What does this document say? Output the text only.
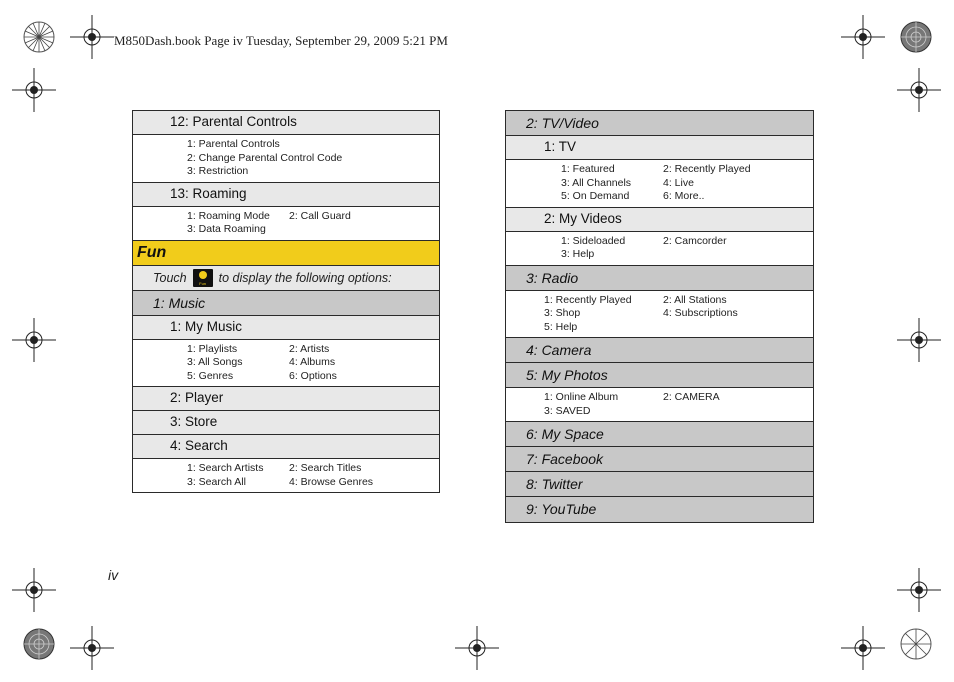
M850Dash.book Page iv Tuesday, September 29, 2009 5:21 PM
12: Parental Controls
1: Parental Controls
2: Change Parental Control Code
3: Restriction
13: Roaming
1: Roaming Mode	2: Call Guard
3: Data Roaming
Fun
Touch	Fun	to display the following options:
1: Music
1: My Music
1: Playlists	2: Artists
3: All Songs	4: Albums
5: Genres	6: Options
2: Player
3: Store
4: Search
1: Search Artists	2: Search Titles
3: Search All	4: Browse Genres
2: TV/Video
1: TV
1: Featured	2: Recently Played
3: All Channels	4: Live
5: On Demand	6: More..
2: My Videos
1: Sideloaded	2: Camcorder
3: Help
3: Radio
1: Recently Played	2: All Stations
3: Shop	4: Subscriptions
5: Help
4: Camera
5: My Photos
1: Online Album	2: CAMERA
3: SAVED
6: My Space
7: Facebook
8: Twitter
9: YouTube
iv
